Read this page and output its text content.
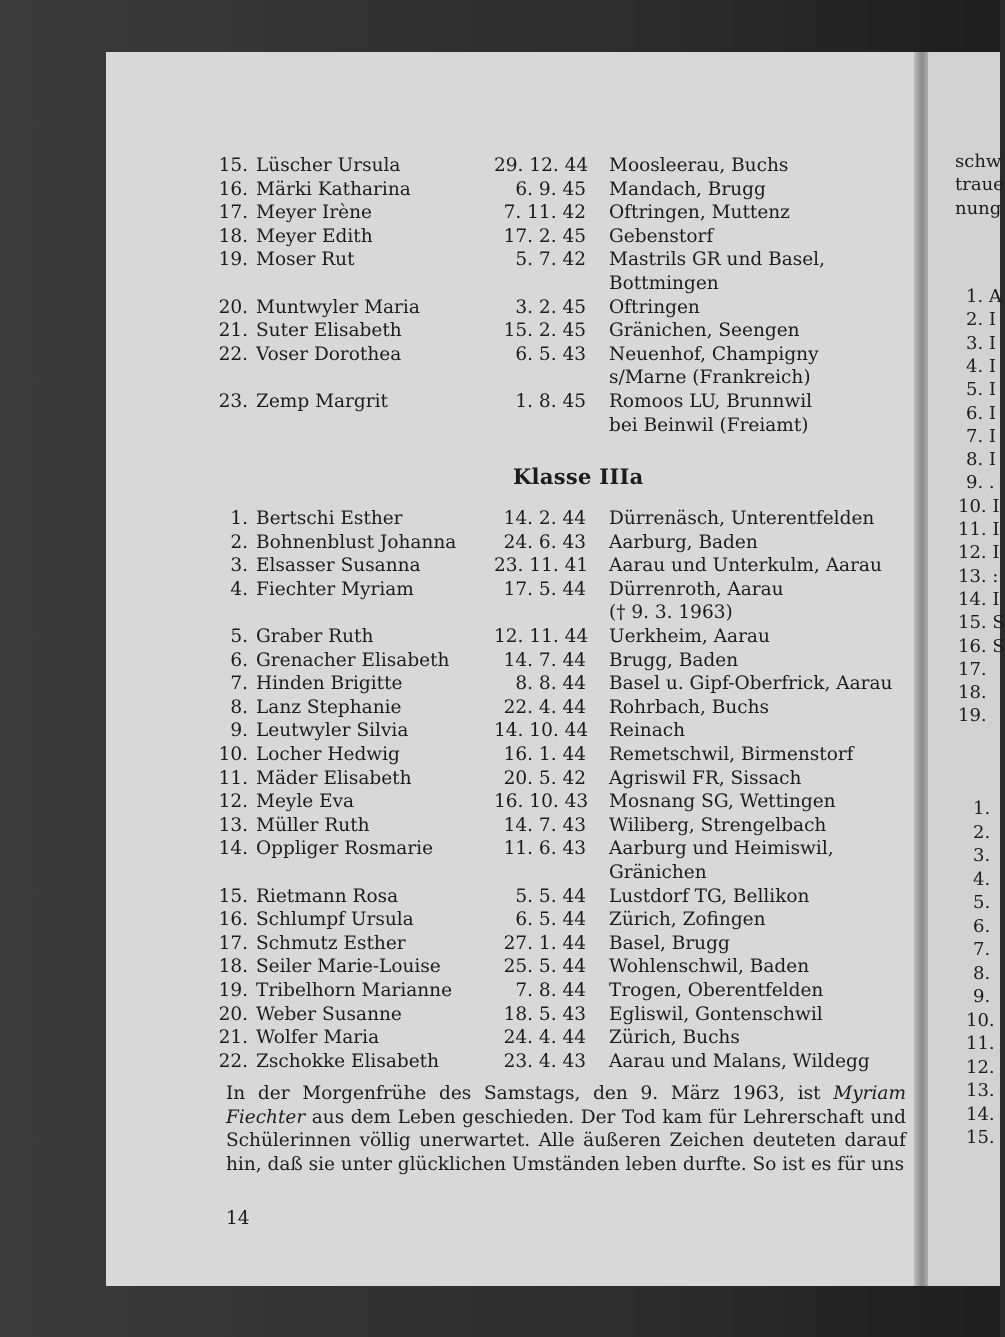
15. Lüscher Ursula	29. 12. 44 Moosleerau, Buchs
16. Märki Katharina	6. 9. 45 Mandach, Brugg
17. Meyer Irène	7. 11. 42 Oftringen, Muttenz
18. Meyer Edith	17. 2. 45 Gebenstorf
19. Moser Rut	5. 7. 42 Mastrils GR und Basel,
Bottmingen
20. Muntwyler Maria	3. 2. 45 Oftringen
21. Suter Elisabeth	15. 2. 45 Gränichen, Seengen
22. Voser Dorothea	6. 5. 43 Neuenhof, Champigny
s/Marne (Frankreich)
23. Zemp Margrit	1. 8. 45 Romoos LU, Brunnwil
bei Beinwil (Freiamt)
Klasse IIIa
1. Bertschi Esther	14. 2. 44 Dürrenäsch, Unterentfelden
2. Bohnenblust Johanna	24. 6. 43 Aarburg, Baden
3. Elsasser Susanna	23. 11. 41 Aarau und Unterkulm, Aarau
4. Fiechter Myriam	17. 5. 44 Dürrenroth, Aarau
(† 9. 3. 1963)
5. Graber Ruth	12. 11. 44 Uerkheim, Aarau
6. Grenacher Elisabeth	14. 7. 44 Brugg, Baden
7. Hinden Brigitte	8. 8. 44 Basel u. Gipf-Oberfrick, Aarau
8. Lanz Stephanie	22. 4. 44 Rohrbach, Buchs
9. Leutwyler Silvia	14. 10. 44 Reinach
10. Locher Hedwig	16. 1. 44 Remetschwil, Birmenstorf
11. Mäder Elisabeth	20. 5. 42 Agriswil FR, Sissach
12. Meyle Eva	16. 10. 43 Mosnang SG, Wettingen
13. Müller Ruth	14. 7. 43 Wiliberg, Strengelbach
14. Oppliger Rosmarie	11. 6. 43 Aarburg und Heimiswil,
Gränichen
15. Rietmann Rosa	5. 5. 44 Lustdorf TG, Bellikon
16. Schlumpf Ursula	6. 5. 44 Zürich, Zofingen
17. Schmutz Esther	27. 1. 44 Basel, Brugg
18. Seiler Marie-Louise	25. 5. 44 Wohlenschwil, Baden
19. Tribelhorn Marianne	7. 8. 44 Trogen, Oberentfelden
20. Weber Susanne	18. 5. 43 Egliswil, Gontenschwil
21. Wolfer Maria	24. 4. 44 Zürich, Buchs
22. Zschokke Elisabeth	23. 4. 43 Aarau und Malans, Wildegg
In der Morgenfrühe des Samstags, den 9. März 1963, ist Myriam Fiechter aus dem Leben geschieden. Der Tod kam für Lehrerschaft und Schülerinnen völlig unerwartet. Alle äußeren Zeichen deuteten darauf hin, daß sie unter glücklichen Umständen leben durfte. So ist es für uns
14
schw
traue
nung
1. A
2. I
3. I
4. I
5. I
6. I
7. I
8. I
9. .
10. I
11. I
12. I
13. :
14. I
15. S
16. S
17.
18.
19.
1.
2.
3.
4.
5.
6.
7.
8.
9.
10.
11.
12.
13.
14.
15.
